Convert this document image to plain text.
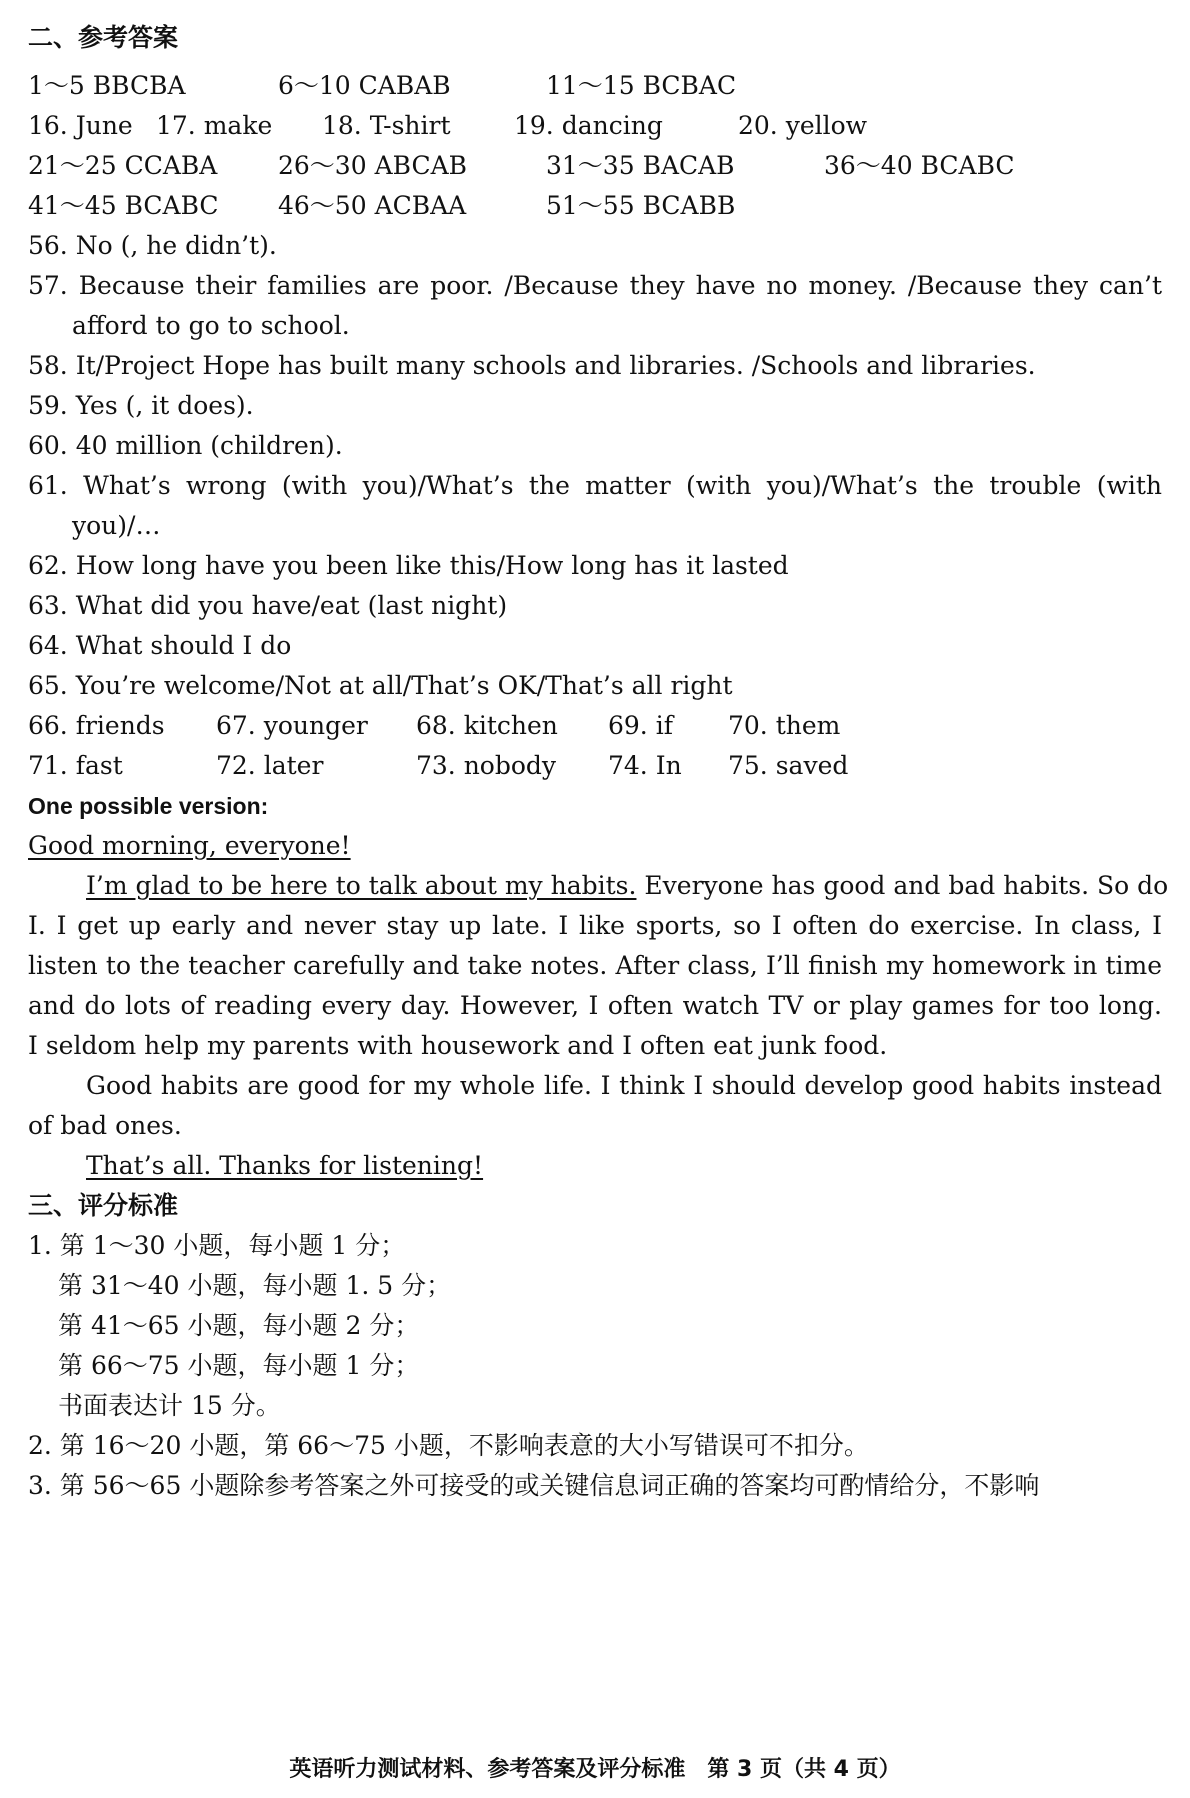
二、参考答案
1～5 BBCBA	6～10 CABAB	11～15 BCBAC
16. June 17. make 18. T-shirt	19. dancing	20. yellow
21～25 CCABA 26～30 ABCAB	31～35 BACAB	36～40 BCABC
41～45 BCABC 46～50 ACBAA	51～55 BCABB
56. No (, he didn’t).
57. Because their families are poor. /Because they have no money. /Because they can’t
afford to go to school.
58. It/Project Hope has built many schools and libraries. /Schools and libraries.
59. Yes (, it does).
60. 40 million (children).
61. What’s wrong (with you)/What’s the matter (with you)/What’s the trouble (with
you)/…
62. How long have you been like this/How long has it lasted
63. What did you have/eat (last night)
64. What should I do
65. You’re welcome/Not at all/That’s OK/That’s all right
66. friends 67. younger 68. kitchen 69. if 70. them
71. fast	72. later	73. nobody 74. In 75. saved
One possible version:
Good morning, everyone!
I’m glad to be here to talk about my habits. Everyone has good and bad habits. So do
I. I get up early and never stay up late. I like sports, so I often do exercise. In class, I
listen to the teacher carefully and take notes. After class, I’ll finish my homework in time
and do lots of reading every day. However, I often watch TV or play games for too long.
I seldom help my parents with housework and I often eat junk food.
Good habits are good for my whole life. I think I should develop good habits instead
of bad ones.
That’s all. Thanks for listening!
三、评分标准
1. 第 1～30 小题，每小题 1 分；
第 31～40 小题，每小题 1. 5 分；
第 41～65 小题，每小题 2 分；
第 66～75 小题，每小题 1 分；
书面表达计 15 分。
2. 第 16～20 小题，第 66～75 小题，不影响表意的大小写错误可不扣分。
3. 第 56～65 小题除参考答案之外可接受的或关键信息词正确的答案均可酌情给分，不影响
英语听力测试材料、参考答案及评分标准　第 3 页（共 4 页）
